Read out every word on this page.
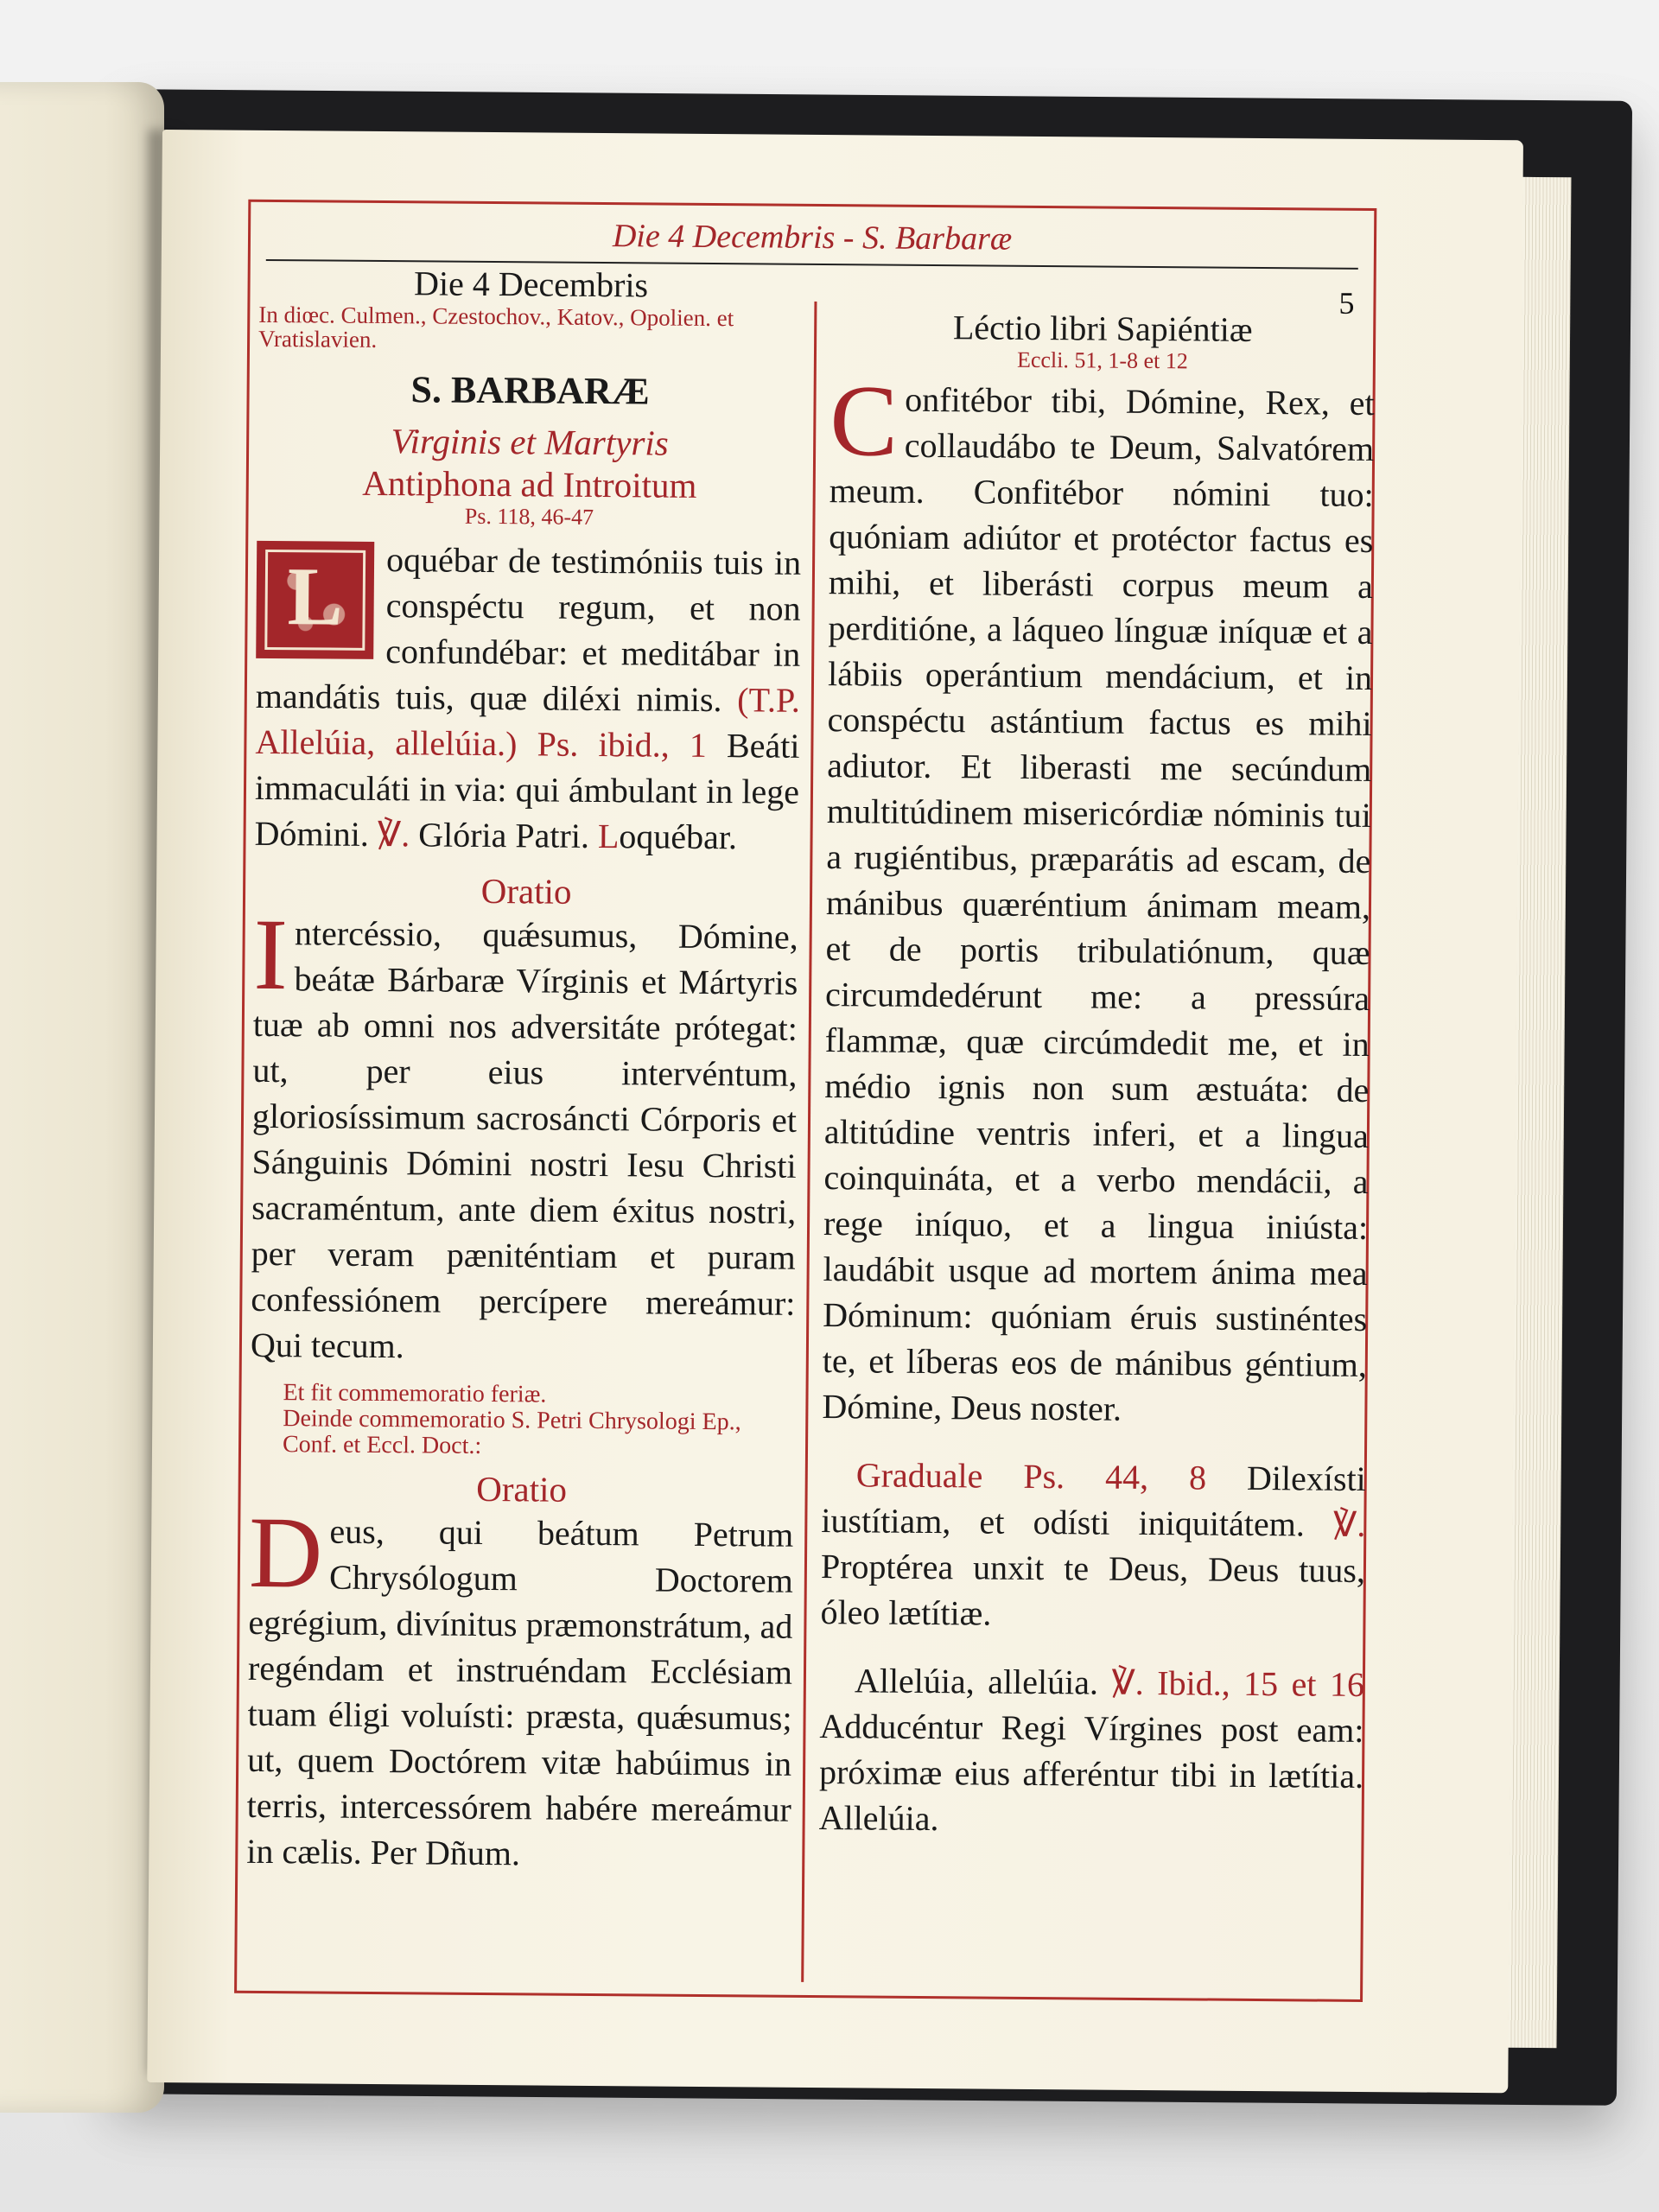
Die 4 Decembris - S. Barbaræ
5
Die 4 Decembris
In diœc. Culmen., Czestochov., Katov., Opolien. et Vratislavien.
S. BARBARÆ
Virginis et Martyris
Antiphona ad Introitum
Ps. 118, 46-47
L	oquébar de testimóniis tuis in conspéctu regum, et non confundébar: et meditábar in mandátis tuis, quæ diléxi nimis. (T.P. Allelúia, allelúia.) Ps. ibid., 1 Beáti immaculáti in via: qui ámbulant in lege Dómini. ℣. Glória Patri. Loquébar.
Oratio
I ntercéssio, quǽsumus, Dómine, beátæ Bárbaræ Vírginis et Mártyris tuæ ab omni nos adversitáte prótegat: ut, per eius intervéntum, gloriosíssimum sacrosáncti Córporis et Sánguinis Dómini nostri Iesu Christi sacraméntum, ante diem éxitus nostri, per veram pæniténtiam et puram confessiónem percípere mereámur: Qui tecum.
Et fit commemoratio feriæ.
Deinde commemoratio S. Petri Chrysologi Ep., Conf. et Eccl. Doct.:
Oratio
D eus, qui beátum Petrum Chrysólogum Doctorem egrégium, divínitus præmonstrátum, ad regéndam et instruéndam Ecclésiam tuam éligi voluísti: præsta, quǽsumus; ut, quem Doctórem vitæ habúimus in terris, intercessórem habére mereámur in cælis. Per Dñum.
Léctio libri Sapiéntiæ
Eccli. 51, 1-8 et 12
C onfitébor tibi, Dómine, Rex, et collaudábo te Deum, Salvatórem meum. Confitébor nómini tuo: quóniam adiútor et protéctor factus es mihi, et liberásti corpus meum a perditióne, a láqueo línguæ iníquæ et a lábiis operántium mendácium, et in conspéctu astántium factus es mihi adiutor. Et liberasti me secúndum multitúdinem misericórdiæ nóminis tui a rugiéntibus, præparátis ad escam, de mánibus quæréntium ánimam meam, et de portis tribulatiónum, quæ circumdedérunt me: a pressúra flammæ, quæ circúmdedit me, et in médio ignis non sum æstuáta: de altitúdine ventris inferi, et a lingua coinquináta, et a verbo mendácii, a rege iníquo, et a lingua iniústa: laudábit usque ad mortem ánima mea Dóminum: quóniam éruis sustinéntes te, et líberas eos de mánibus géntium, Dómine, Deus noster.
Graduale Ps. 44, 8 Dilexísti iustítiam, et odísti iniquitátem. ℣. Proptérea unxit te Deus, Deus tuus, óleo lætítiæ.
Allelúia, allelúia. ℣. Ibid., 15 et 16 Adducéntur Regi Vírgines post eam: próximæ eius afferéntur tibi in lætítia. Allelúia.
